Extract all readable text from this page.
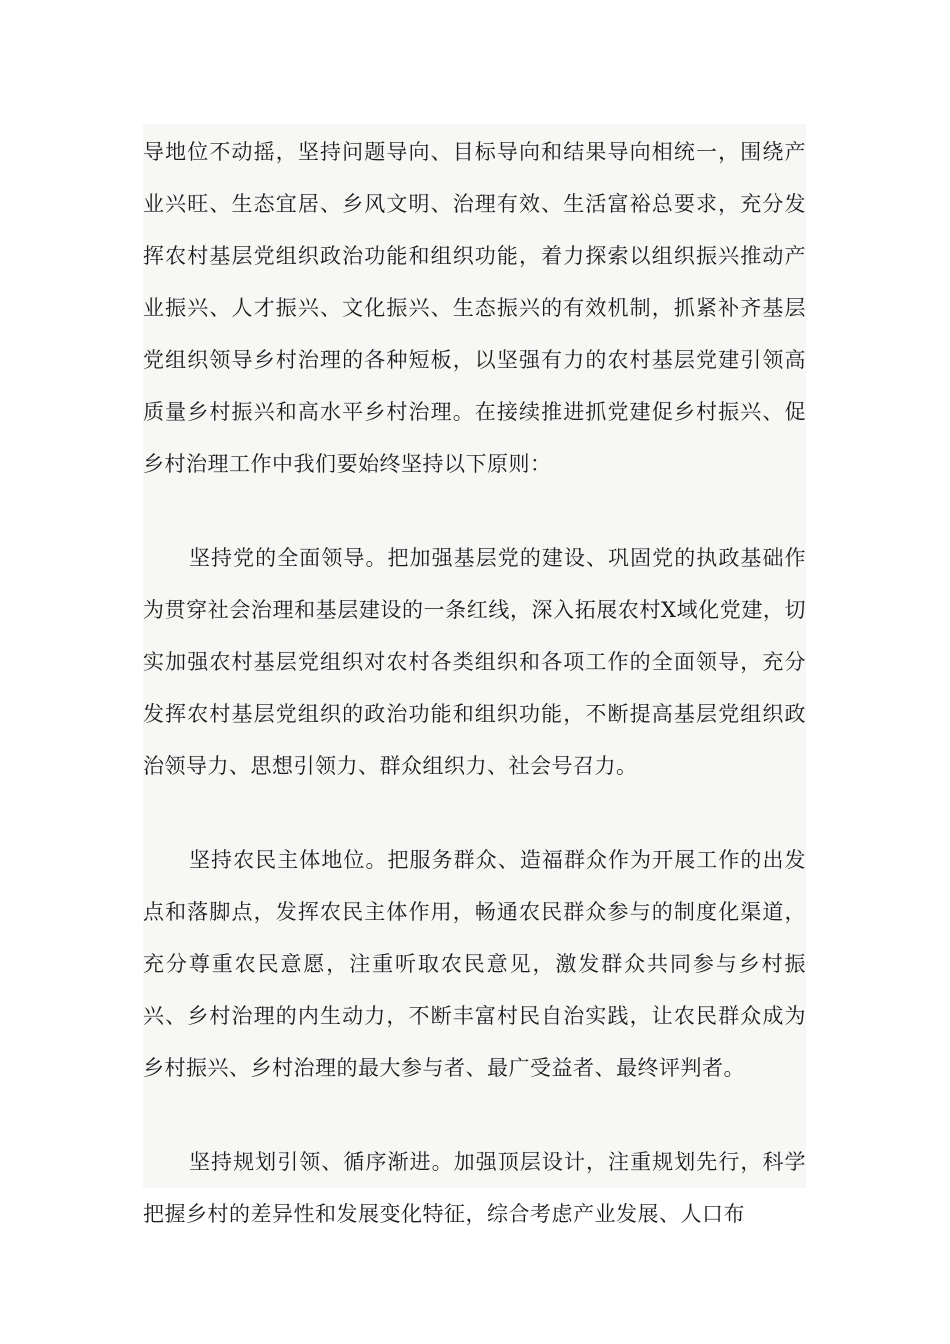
导地位不动摇，坚持问题导向、目标导向和结果导向相统一，围绕产业兴旺、生态宜居、乡风文明、治理有效、生活富裕总要求，充分发挥农村基层党组织政治功能和组织功能，着力探索以组织振兴推动产业振兴、人才振兴、文化振兴、生态振兴的有效机制，抓紧补齐基层党组织领导乡村治理的各种短板，以坚强有力的农村基层党建引领高质量乡村振兴和高水平乡村治理。在接续推进抓党建促乡村振兴、促乡村治理工作中我们要始终坚持以下原则：

坚持党的全面领导。把加强基层党的建设、巩固党的执政基础作为贯穿社会治理和基层建设的一条红线，深入拓展农村X域化党建，切实加强农村基层党组织对农村各类组织和各项工作的全面领导，充分发挥农村基层党组织的政治功能和组织功能，不断提高基层党组织政治领导力、思想引领力、群众组织力、社会号召力。

坚持农民主体地位。把服务群众、造福群众作为开展工作的出发点和落脚点，发挥农民主体作用，畅通农民群众参与的制度化渠道，充分尊重农民意愿，注重听取农民意见，激发群众共同参与乡村振兴、乡村治理的内生动力，不断丰富村民自治实践，让农民群众成为乡村振兴、乡村治理的最大参与者、最广受益者、最终评判者。

坚持规划引领、循序渐进。加强顶层设计，注重规划先行，科学把握乡村的差异性和发展变化特征，综合考虑产业发展、人口布
